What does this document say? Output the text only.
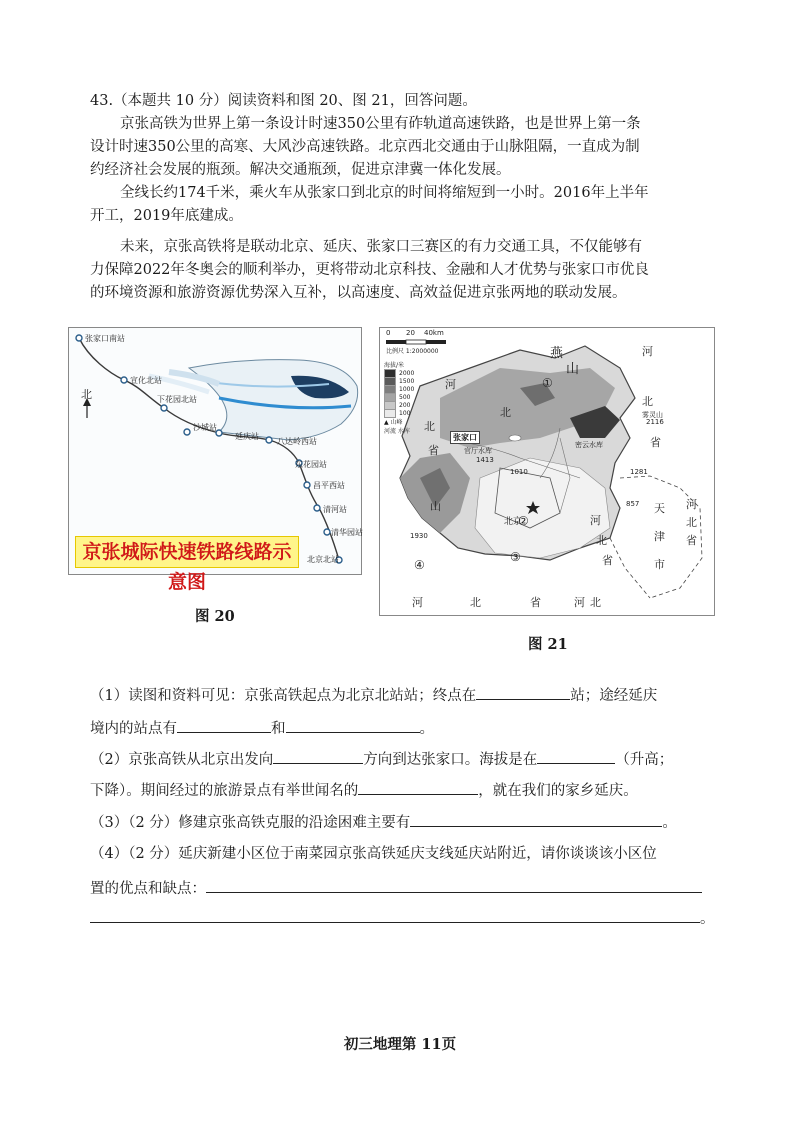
43.（本题共 10 分）阅读资料和图 20、图 21，回答问题。
京张高铁为世界上第一条设计时速350公里有砟轨道高速铁路，也是世界上第一条
设计时速350公里的高寒、大风沙高速铁路。北京西北交通由于山脉阻隔，一直成为制
约经济社会发展的瓶颈。解决交通瓶颈，促进京津冀一体化发展。
全线长约174千米，乘火车从张家口到北京的时间将缩短到一小时。2016年上半年
开工，2019年底建成。
未来，京张高铁将是联动北京、延庆、张家口三赛区的有力交通工具，不仅能够有
力保障2022年冬奥会的顺利举办，更将带动北京科技、金融和人才优势与张家口市优良
的环境资源和旅游资源优势深入互补，以高速度、高效益促进京张两地的联动发展。
北
张家口南站
宣化北站
下花园北站
沙城站
延庆站
八达岭西站
东花园站
昌平西站
清河站
清华园站
北京北站
京张城际快速铁路线路示意图
图 20
0 20 40km
比例尺 1:2000000
海拔/米
2000
1500
1000
500
200
100
▲ 山峰
河流 水库
燕
山
河
河
北
省
北
省
北
①
②
③
④
山
北京	河
北
省
天
津
市
河
北
省
河	北	省	河 北
张家口
官厅水库
雾灵山
2116
1413
1010
857
1930
1281
密云水库
图 21
（1）读图和资料可见：京张高铁起点为北京北站站；终点在	站；途经延庆
境内的站点有	和	。
（2）京张高铁从北京出发向	方向到达张家口。海拔是在	（升高；
下降）。期间经过的旅游景点有举世闻名的	，就在我们的家乡延庆。
（3）（2 分）修建京张高铁克服的沿途困难主要有	。
（4）（2 分）延庆新建小区位于南菜园京张高铁延庆支线延庆站附近，请你谈谈该小区位
置的优点和缺点：
。
初三地理第 11页
